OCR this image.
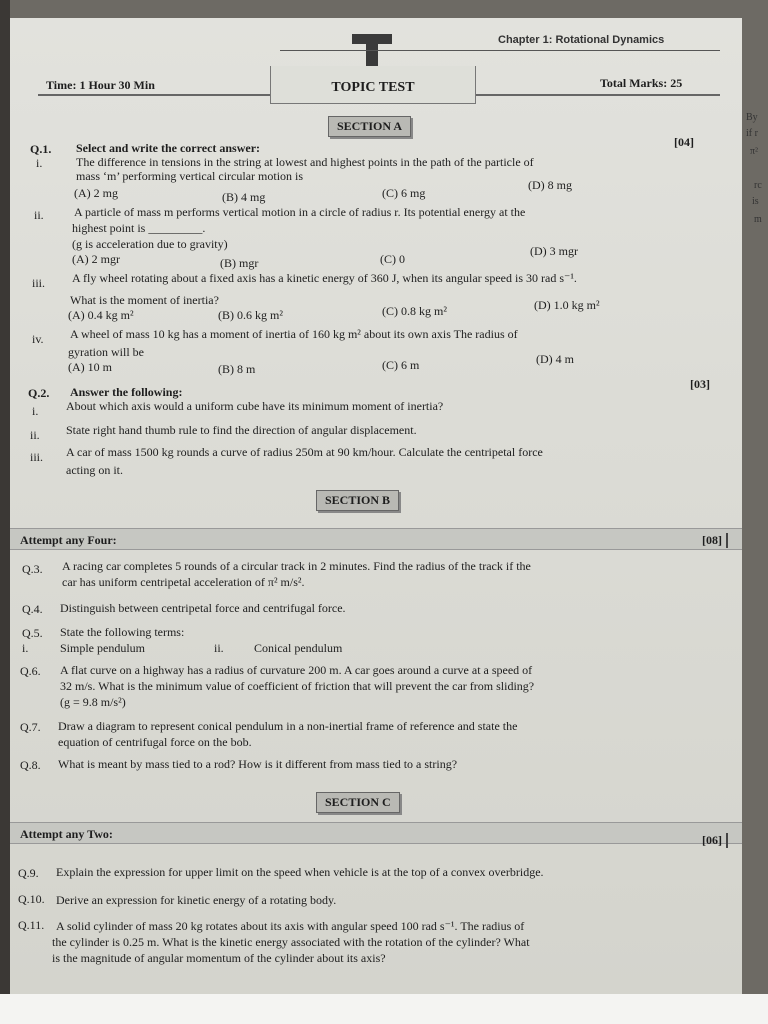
Chapter 1: Rotational Dynamics
Time: 1 Hour 30 Min	TOPIC TEST	Total Marks: 25
SECTION A
Q.1. Select and write the correct answer:	[04]
i.	The difference in tensions in the string at lowest and highest points in the path of the particle of
mass ‘m’ performing vertical circular motion is
(A) 2 mg	(B) 4 mg	(C) 6 mg
(D) 8 mg
ii.	A particle of mass m performs vertical motion in a circle of radius r. Its potential energy at the
highest point is _________.
(g is acceleration due to gravity)
(A) 2 mgr	(B) mgr	(C) 0
(D) 3 mgr
iii. A fly wheel rotating about a fixed axis has a kinetic energy of 360 J, when its angular speed is 30 rad s⁻¹.
What is the moment of inertia?
(A) 0.4 kg m²	(B) 0.6 kg m²	(C) 0.8 kg m²	(D) 1.0 kg m²
iv. A wheel of mass 10 kg has a moment of inertia of 160 kg m² about its own axis The radius of
gyration will be
(A) 10 m	(B) 8 m	(C) 6 m	(D) 4 m
Q.2. Answer the following:
[03]
i. About which axis would a uniform cube have its minimum moment of inertia?
ii. State right hand thumb rule to find the direction of angular displacement.
iii. A car of mass 1500 kg rounds a curve of radius 250m at 90 km/hour. Calculate the centripetal force
acting on it.
SECTION B
Attempt any Four:	[08]
Q.3. A racing car completes 5 rounds of a circular track in 2 minutes. Find the radius of the track if the
car has uniform centripetal acceleration of π² m/s².
Q.4. Distinguish between centripetal force and centrifugal force.
Q.5. State the following terms:
i.	Simple pendulum	ii.	Conical pendulum
Q.6. A flat curve on a highway has a radius of curvature 200 m. A car goes around a curve at a speed of
32 m/s. What is the minimum value of coefficient of friction that will prevent the car from sliding?
(g = 9.8 m/s²)
Q.7. Draw a diagram to represent conical pendulum in a non-inertial frame of reference and state the
equation of centrifugal force on the bob.
Q.8. What is meant by mass tied to a rod? How is it different from mass tied to a string?
SECTION C
Attempt any Two:	[06]
Q.9. Explain the expression for upper limit on the speed when vehicle is at the top of a convex overbridge.
Q.10. Derive an expression for kinetic energy of a rotating body.
Q.11. A solid cylinder of mass 20 kg rotates about its axis with angular speed 100 rad s⁻¹. The radius of
the cylinder is 0.25 m. What is the kinetic energy associated with the rotation of the cylinder? What
is the magnitude of angular momentum of the cylinder about its axis?
By
if r
π²
rc
is
m
